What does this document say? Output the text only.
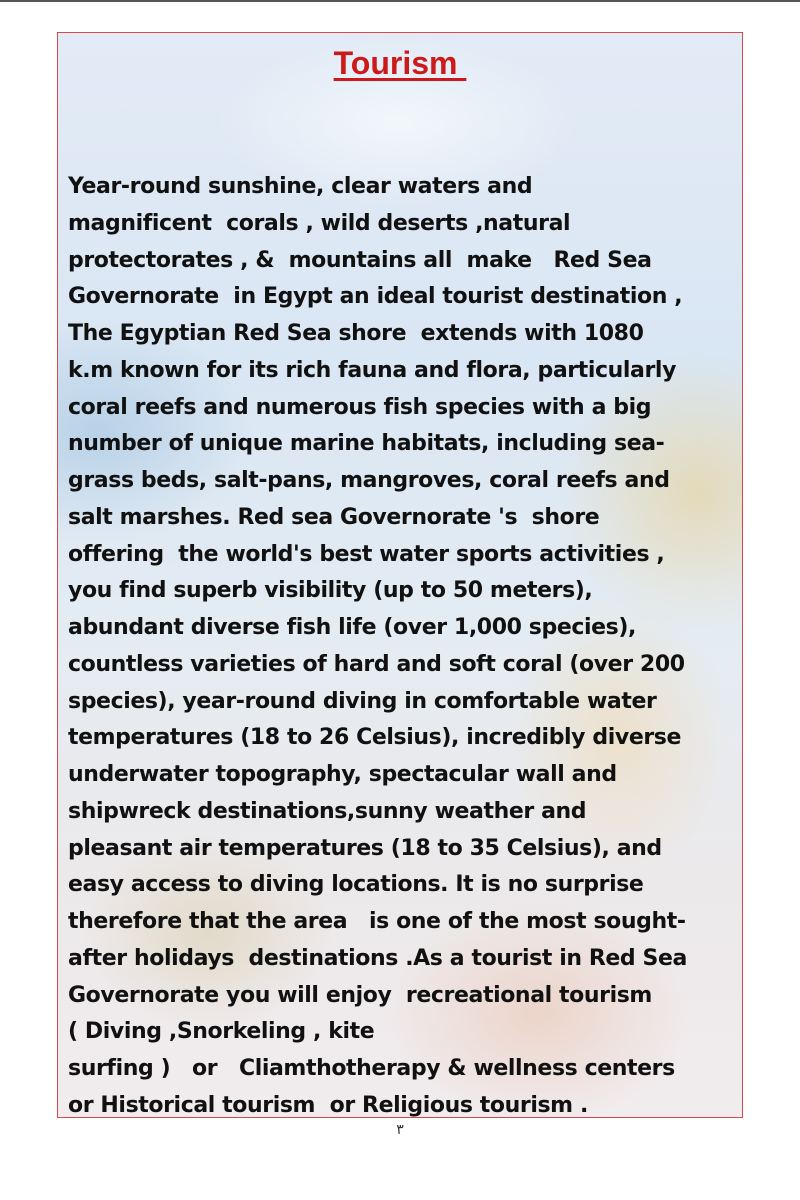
Tourism
Year-round sunshine, clear waters and
magnificent  corals , wild deserts ,natural
protectorates , &  mountains all  make   Red Sea
Governorate  in Egypt an ideal tourist destination ,
The Egyptian Red Sea shore  extends with 1080
k.m known for its rich fauna and flora, particularly
coral reefs and numerous fish species with a big
number of unique marine habitats, including sea-
grass beds, salt-pans, mangroves, coral reefs and
salt marshes. Red sea Governorate 's  shore
offering  the world's best water sports activities ,
you find superb visibility (up to 50 meters),
abundant diverse fish life (over 1,000 species),
countless varieties of hard and soft coral (over 200
species), year-round diving in comfortable water
temperatures (18 to 26 Celsius), incredibly diverse
underwater topography, spectacular wall and
shipwreck destinations,sunny weather and
pleasant air temperatures (18 to 35 Celsius), and
easy access to diving locations. It is no surprise
therefore that the area   is one of the most sought-
after holidays  destinations .As a tourist in Red Sea
Governorate you will enjoy  recreational tourism
( Diving ,Snorkeling , kite
surfing )   or   Cliamthotherapy & wellness centers
or Historical tourism  or Religious tourism .
٣
